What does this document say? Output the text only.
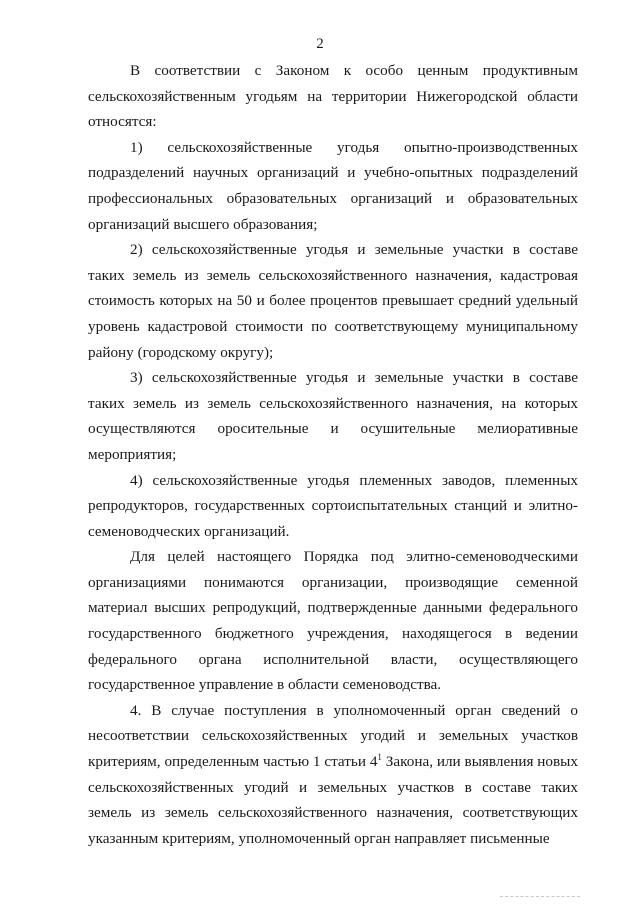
2

В соответствии с Законом к особо ценным продуктивным сельскохозяйственным угодьям на территории Нижегородской области относятся:

1) сельскохозяйственные угодья опытно-производственных подразделений научных организаций и учебно-опытных подразделений профессиональных образовательных организаций и образовательных организаций высшего образования;

2) сельскохозяйственные угодья и земельные участки в составе таких земель из земель сельскохозяйственного назначения, кадастровая стоимость которых на 50 и более процентов превышает средний удельный уровень кадастровой стоимости по соответствующему муниципальному району (городскому округу);

3) сельскохозяйственные угодья и земельные участки в составе таких земель из земель сельскохозяйственного назначения, на которых осуществляются оросительные и осушительные мелиоративные мероприятия;

4) сельскохозяйственные угодья племенных заводов, племенных репродукторов, государственных сортоиспытательных станций и элитно-семеноводческих организаций.

Для целей настоящего Порядка под элитно-семеноводческими организациями понимаются организации, производящие семенной материал высших репродукций, подтвержденные данными федерального государственного бюджетного учреждения, находящегося в ведении федерального органа исполнительной власти, осуществляющего государственное управление в области семеноводства.

4. В случае поступления в уполномоченный орган сведений о несоответствии сельскохозяйственных угодий и земельных участков критериям, определенным частью 1 статьи $4^1$ Закона, или выявления новых сельскохозяйственных угодий и земельных участков в составе таких земель из земель сельскохозяйственного назначения, соответствующих указанным критериям, уполномоченный орган направляет письменные
